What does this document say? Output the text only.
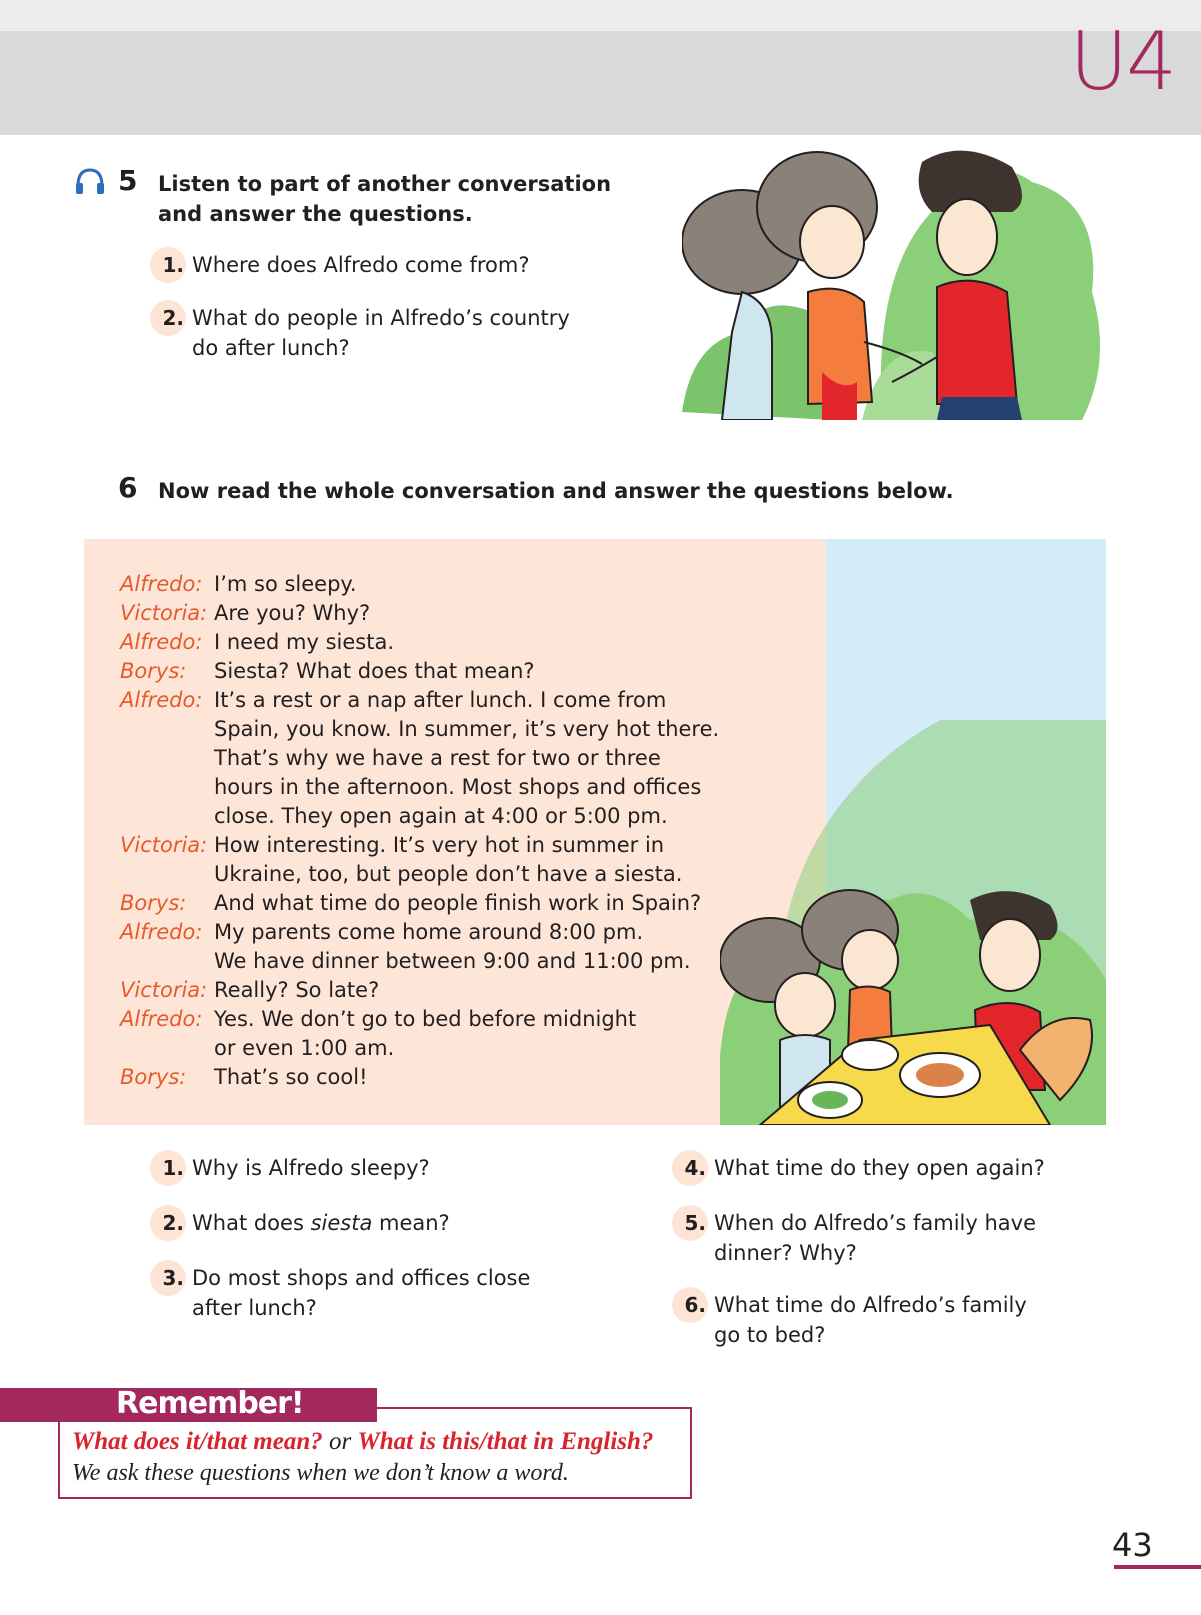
U4
5 Listen to part of another conversation
and answer the questions.
1. Where does Alfredo come from?
2. What do people in Alfredo’s country
do after lunch?
6 Now read the whole conversation and answer the questions below.
Alfredo: I’m so sleepy.
Victoria: Are you? Why?
Alfredo: I need my siesta.
Borys:	Siesta? What does that mean?
Alfredo: It’s a rest or a nap after lunch. I come from
Spain, you know. In summer, it’s very hot there.
That’s why we have a rest for two or three
hours in the afternoon. Most shops and offices
close. They open again at 4:00 or 5:00 pm.
Victoria: How interesting. It’s very hot in summer in
Ukraine, too, but people don’t have a siesta.
Borys:	And what time do people finish work in Spain?
Alfredo: My parents come home around 8:00 pm.
We have dinner between 9:00 and 11:00 pm.
Victoria: Really? So late?
Alfredo: Yes. We don’t go to bed before midnight
or even 1:00 am.
Borys:	That’s so cool!
1. Why is Alfredo sleepy?
2. What does siesta mean?
3. Do most shops and offices close
after lunch?
4. What time do they open again?
5. When do Alfredo’s family have
dinner? Why?
6. What time do Alfredo’s family
go to bed?
Remember!
What does it/that mean? or What is this/that in English?
We ask these questions when we don’t know a word.
43
